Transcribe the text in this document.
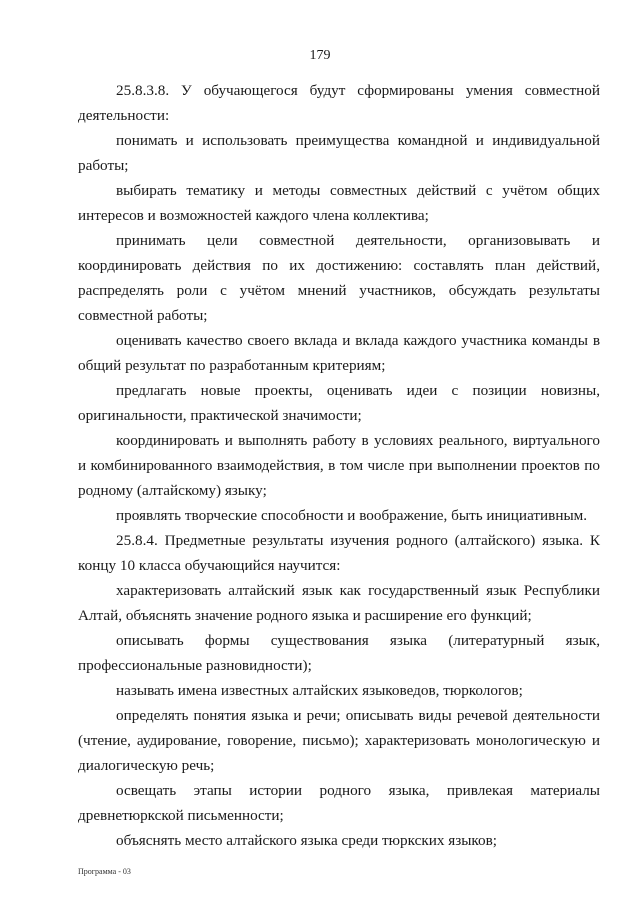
179

25.8.3.8. У обучающегося будут сформированы умения совместной деятельности:

понимать и использовать преимущества командной и индивидуальной работы;

выбирать тематику и методы совместных действий с учётом общих интересов и возможностей каждого члена коллектива;

принимать цели совместной деятельности, организовывать и координировать действия по их достижению: составлять план действий, распределять роли с учётом мнений участников, обсуждать результаты совместной работы;

оценивать качество своего вклада и вклада каждого участника команды в общий результат по разработанным критериям;

предлагать новые проекты, оценивать идеи с позиции новизны, оригинальности, практической значимости;

координировать и выполнять работу в условиях реального, виртуального и комбинированного взаимодействия, в том числе при выполнении проектов по родному (алтайскому) языку;

проявлять творческие способности и воображение, быть инициативным.

25.8.4. Предметные результаты изучения родного (алтайского) языка. К концу 10 класса обучающийся научится:

характеризовать алтайский язык как государственный язык Республики Алтай, объяснять значение родного языка и расширение его функций;

описывать формы существования языка (литературный язык, профессиональные разновидности);

называть имена известных алтайских языковедов, тюркологов;

определять понятия языка и речи; описывать виды речевой деятельности (чтение, аудирование, говорение, письмо); характеризовать монологическую и диалогическую речь;

освещать этапы истории родного языка, привлекая материалы древнетюркской письменности;

объяснять место алтайского языка среди тюркских языков;

Программа - 03
